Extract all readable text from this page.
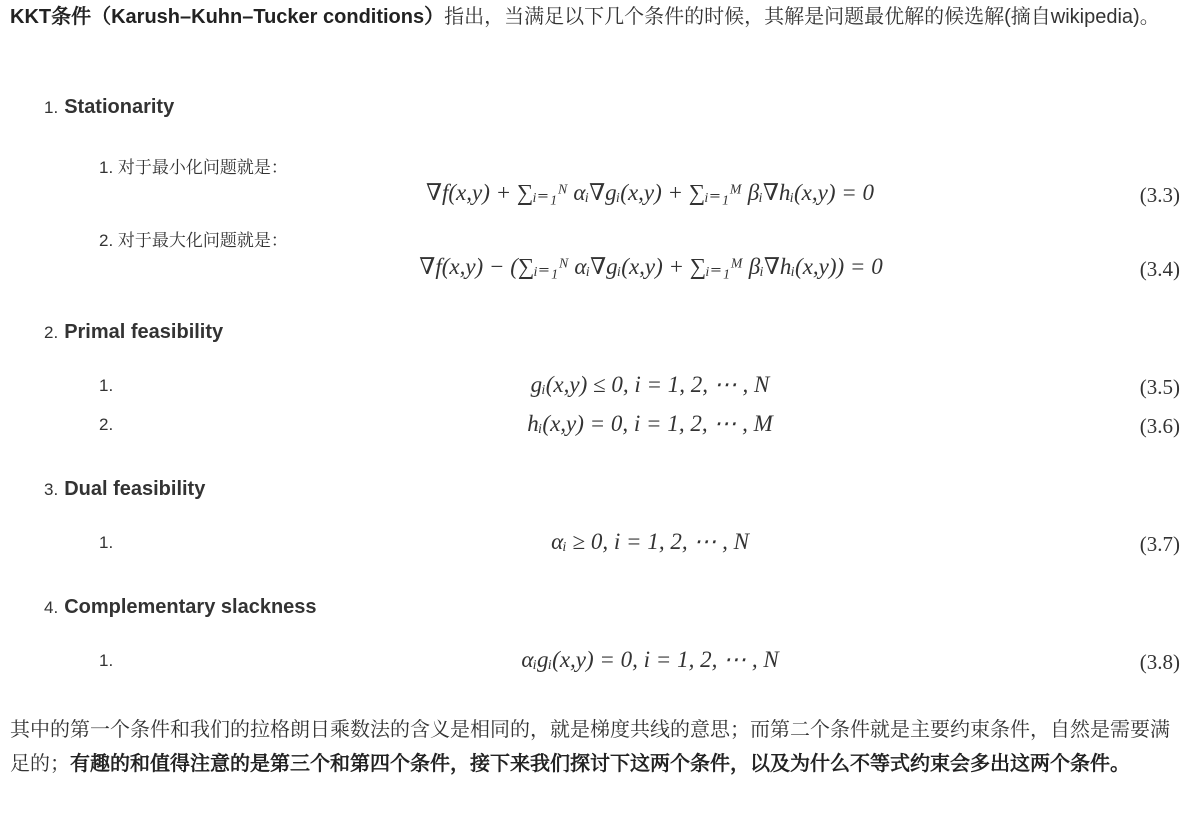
KKT条件（Karush–Kuhn–Tucker conditions）指出，当满足以下几个条件的时候，其解是问题最优解的候选解(摘自wikipedia)。
1. Stationarity
1. 对于最小化问题就是：
∇f(x,y) + ∑ᵢ₌₁ᴺ αᵢ∇gᵢ(x,y) + ∑ᵢ₌₁ᴹ βᵢ∇hᵢ(x,y) = 0	(3.3)
2. 对于最大化问题就是：
∇f(x,y) − (∑ᵢ₌₁ᴺ αᵢ∇gᵢ(x,y) + ∑ᵢ₌₁ᴹ βᵢ∇hᵢ(x,y)) = 0	(3.4)
2. Primal feasibility
1.	gᵢ(x,y) ≤ 0, i = 1, 2, ⋯ , N	(3.5)
2.	hᵢ(x,y) = 0, i = 1, 2, ⋯ , M	(3.6)
3. Dual feasibility
1.	αᵢ ≥ 0, i = 1, 2, ⋯ , N	(3.7)
4. Complementary slackness
1.	αᵢgᵢ(x,y) = 0, i = 1, 2, ⋯ , N	(3.8)
其中的第一个条件和我们的拉格朗日乘数法的含义是相同的，就是梯度共线的意思；而第二个条件就是主要约束条件，自然是需要满足的；有趣的和值得注意的是第三个和第四个条件，接下来我们探讨下这两个条件，以及为什么不等式约束会多出这两个条件。
